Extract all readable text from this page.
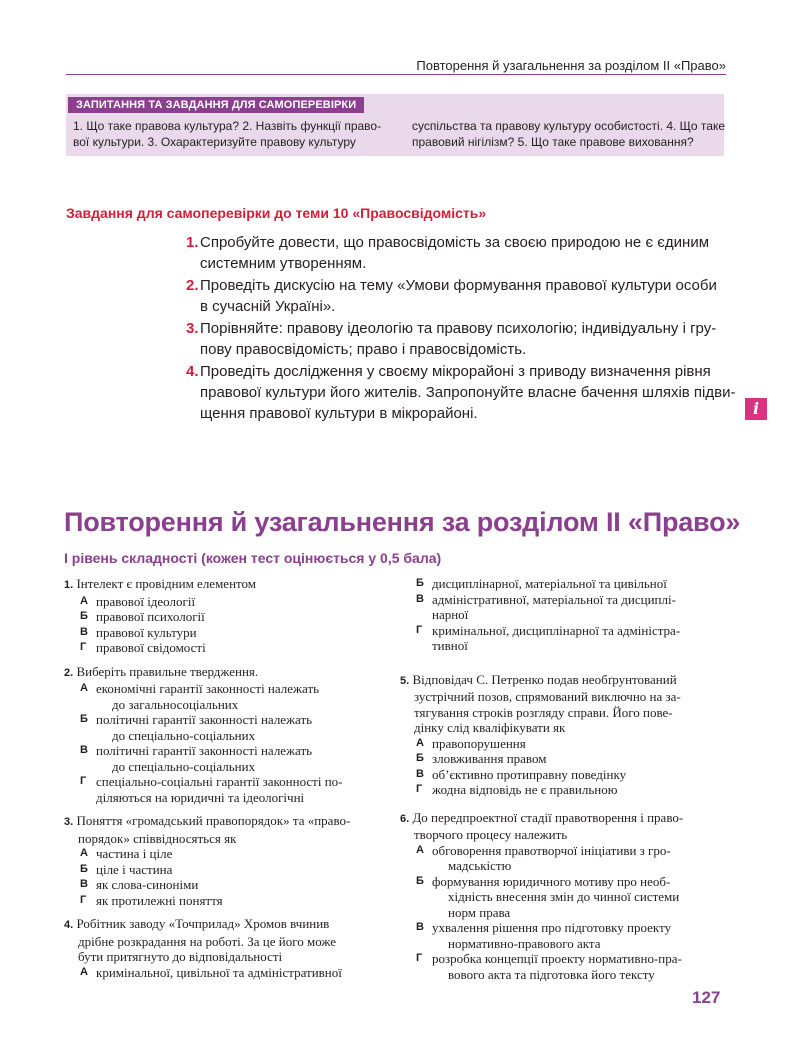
Повторення й узагальнення за розділом ІІ «Право»
ЗАПИТАННЯ ТА ЗАВДАННЯ ДЛЯ САМОПЕРЕВІРКИ
1. Що таке правова культура? 2. Назвіть функції право-
вої культури. 3. Охарактеризуйте правову культуру
суспільства та правову культуру особистості. 4. Що таке
правовий нігілізм? 5. Що таке правове виховання?
Завдання для самоперевірки до теми 10 «Правосвідомість»
1. Спробуйте довести, що правосвідомість за своєю природою не є єдиним
системним утворенням.
2. Проведіть дискусію на тему «Умови формування правової культури особи
в сучасній Україні».
3. Порівняйте: правову ідеологію та правову психологію; індивідуальну і гру-
пову правосвідомість; право і правосвідомість.
4. Проведіть дослідження у своєму мікрорайоні з приводу визначення рівня
правової культури його жителів. Запропонуйте власне бачення шляхів підви-
щення правової культури в мікрорайоні.	i
Повторення й узагальнення за розділом ІІ «Право»
І рівень складності (кожен тест оцінюється у 0,5 бала)
1. Інтелект є провідним елементом
А правової ідеології
Б правової психології
В правової культури
Г правової свідомості
2. Виберіть правильне твердження.
А економічні гарантії законності належать
до загальносоціальних
Б політичні гарантії законності належать
до спеціально-соціальних
В політичні гарантії законності належать
до спеціально-соціальних
Г спеціально-соціальні гарантії законності по-
діляються на юридичні та ідеологічні
3. Поняття «громадський правопорядок» та «право-
порядок» співвідносяться як
А частина і ціле
Б ціле і частина
В як слова-синоніми
Г як протилежні поняття
4. Робітник заводу «Точприлад» Хромов вчинив
дрібне розкрадання на роботі. За це його може
бути притягнуто до відповідальності
А кримінальної, цивільної та адміністративної
Б дисциплінарної, матеріальної та цивільної
В адміністративної, матеріальної та дисциплі-
нарної
Г кримінальної, дисциплінарної та адміністра-
тивної
5. Відповідач С. Петренко подав необґрунтований
зустрічний позов, спрямований виключно на за-
тягування строків розгляду справи. Його пове-
дінку слід кваліфікувати як
А правопорушення
Б зловживання правом
В об’єктивно протиправну поведінку
Г жодна відповідь не є правильною
6. До передпроектної стадії правотворення і право-
творчого процесу належить
А обговорення правотворчої ініціативи з гро-
мадськістю
Б формування юридичного мотиву про необ-
хідність внесення змін до чинної системи
норм права
В ухвалення рішення про підготовку проекту
нормативно-правового акта
Г розробка концепції проекту нормативно-пра-
вового акта та підготовка його тексту
127
